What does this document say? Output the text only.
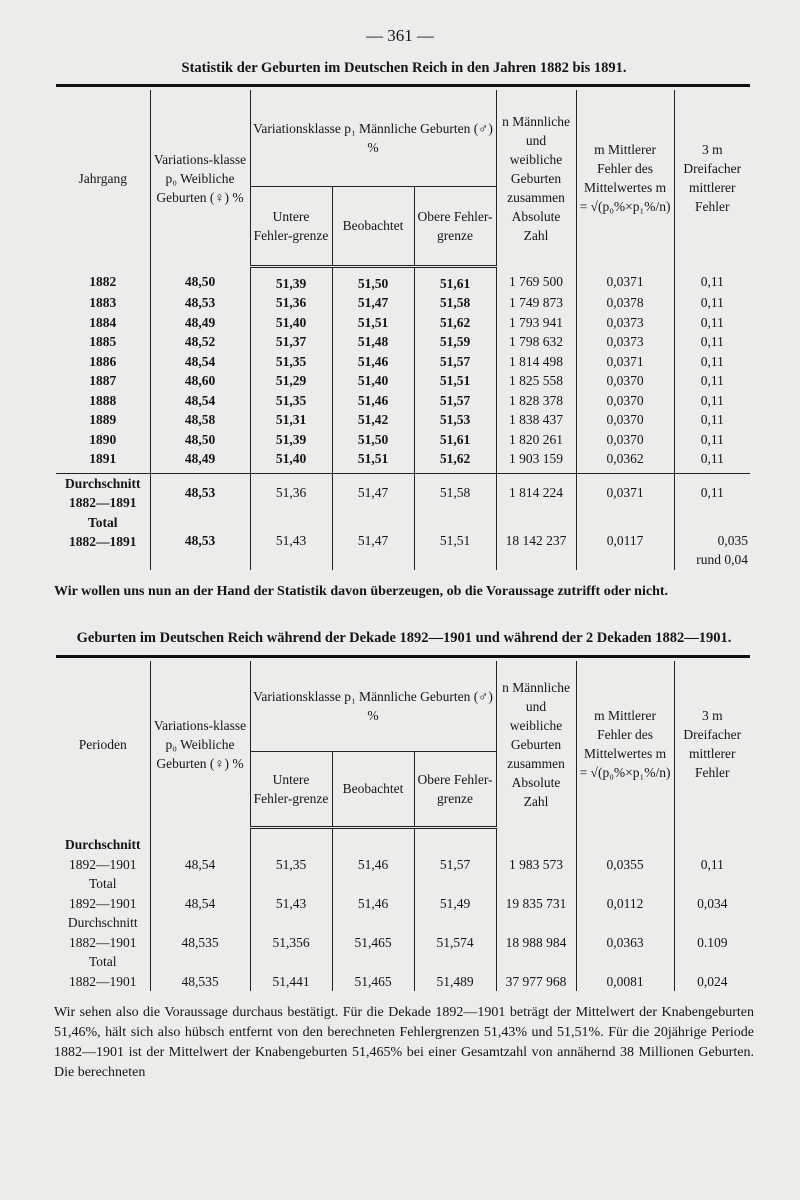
— 361 —
Statistik der Geburten im Deutschen Reich in den Jahren 1882 bis 1891.
Jahrgang	Variations-klasse p₀ Weibliche Geburten (♀) %	Variationsklasse p₁ Männliche Geburten (♂) %			n Männliche und weibliche Geburten zusammen Absolute Zahl	m Mittlerer Fehler des Mittelwertes m = √(p₀%×p₁%/n)	3 m Dreifacher mittlerer Fehler
		Untere Fehler-grenze	Beobachtet	Obere Fehler-grenze			
1882	48,50	51,39	51,50	51,61	1 769 500	0,0371	0,11
1883	48,53	51,36	51,47	51,58	1 749 873	0,0378	0,11
1884	48,49	51,40	51,51	51,62	1 793 941	0,0373	0,11
1885	48,52	51,37	51,48	51,59	1 798 632	0,0373	0,11
1886	48,54	51,35	51,46	51,57	1 814 498	0,0371	0,11
1887	48,60	51,29	51,40	51,51	1 825 558	0,0370	0,11
1888	48,54	51,35	51,46	51,57	1 828 378	0,0370	0,11
1889	48,58	51,31	51,42	51,53	1 838 437	0,0370	0,11
1890	48,50	51,39	51,50	51,61	1 820 261	0,0370	0,11
1891	48,49	51,40	51,51	51,62	1 903 159	0,0362	0,11
Durchschnitt
1882—1891	48,53	51,36	51,47	51,58	1 814 224	0,0371	0,11
Total
1882—1891	48,53	51,43	51,47	51,51	18 142 237	0,0117	0,035
rund 0,04
Wir wollen uns nun an der Hand der Statistik davon überzeugen, ob die Voraussage zutrifft oder nicht.
Geburten im Deutschen Reich während der Dekade 1892—1901 und während der 2 Dekaden 1882—1901.
Perioden	Variations-klasse p₀ Weibliche Geburten (♀) %	Variationsklasse p₁ Männliche Geburten (♂) %			n Männliche und weibliche Geburten zusammen Absolute Zahl	m Mittlerer Fehler des Mittelwertes m = √(p₀%×p₁%/n)	3 m Dreifacher mittlerer Fehler
		Untere Fehler-grenze	Beobachtet	Obere Fehler-grenze			
Durchschnitt
1892—1901	48,54	51,35	51,46	51,57	1 983 573	0,0355	0,11
Total
1892—1901	48,54	51,43	51,46	51,49	19 835 731	0,0112	0,034
Durchschnitt
1882—1901	48,535	51,356	51,465	51,574	18 988 984	0,0363	0.109
Total
1882—1901	48,535	51,441	51,465	51,489	37 977 968	0,0081	0,024
Wir sehen also die Voraussage durchaus bestätigt. Für die Dekade 1892—1901 beträgt der Mittelwert der Knabengeburten 51,46%, hält sich also hübsch entfernt von den berechneten Fehlergrenzen 51,43% und 51,51%. Für die 20jährige Periode 1882—1901 ist der Mittelwert der Knabengeburten 51,465% bei einer Gesamtzahl von annähernd 38 Millionen Geburten. Die berechneten
